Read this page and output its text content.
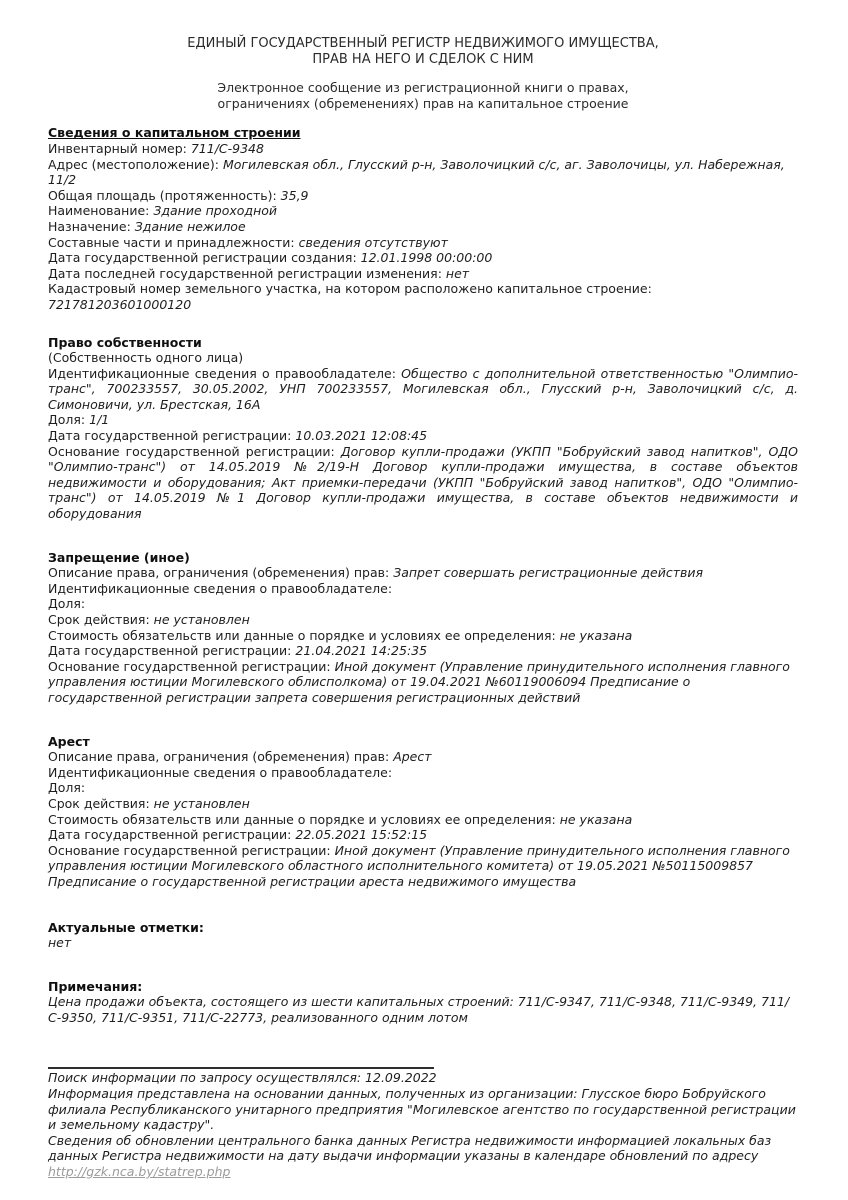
ЕДИНЫЙ ГОСУДАРСТВЕННЫЙ РЕГИСТР НЕДВИЖИМОГО ИМУЩЕСТВА,
ПРАВ НА НЕГО И СДЕЛОК С НИМ
Электронное сообщение из регистрационной книги о правах,
ограничениях (обременениях) прав на капитальное строение
Сведения о капитальном строении
Инвентарный номер: 711/С-9348
Адрес (местоположение): Могилевская обл., Глусский р-н, Заволочицкий с/с, аг. Заволочицы, ул. Набережная, 11/2
Общая площадь (протяженность): 35,9
Наименование: Здание проходной
Назначение: Здание нежилое
Составные части и принадлежности: сведения отсутствуют
Дата государственной регистрации создания: 12.01.1998 00:00:00
Дата последней государственной регистрации изменения: нет
Кадастровый номер земельного участка, на котором расположено капитальное строение: 721781203601000120
Право собственности
(Собственность одного лица)
Идентификационные сведения о правообладателе: Общество с дополнительной ответственностью "Олимпио-транс", 700233557, 30.05.2002, УНП 700233557, Могилевская обл., Глусский р-н, Заволочицкий с/с, д. Симоновичи, ул. Брестская, 16А
Доля: 1/1
Дата государственной регистрации: 10.03.2021 12:08:45
Основание государственной регистрации: Договор купли-продажи (УКПП "Бобруйский завод напитков", ОДО "Олимпио-транс") от 14.05.2019 №2/19-Н Договор купли-продажи имущества, в составе объектов недвижимости и оборудования; Акт приемки-передачи (УКПП "Бобруйский завод напитков", ОДО "Олимпио-транс") от 14.05.2019 №1 Договор купли-продажи имущества, в составе объектов недвижимости и оборудования
Запрещение (иное)
Описание права, ограничения (обременения) прав: Запрет совершать регистрационные действия
Идентификационные сведения о правообладателе:
Доля:
Срок действия: не установлен
Стоимость обязательств или данные о порядке и условиях ее определения: не указана
Дата государственной регистрации: 21.04.2021 14:25:35
Основание государственной регистрации: Иной документ (Управление принудительного исполнения главного управления юстиции Могилевского облисполкома) от 19.04.2021 №60119006094 Предписание о государственной регистрации запрета совершения регистрационных действий
Арест
Описание права, ограничения (обременения) прав: Арест
Идентификационные сведения о правообладателе:
Доля:
Срок действия: не установлен
Стоимость обязательств или данные о порядке и условиях ее определения: не указана
Дата государственной регистрации: 22.05.2021 15:52:15
Основание государственной регистрации: Иной документ (Управление принудительного исполнения главного управления юстиции Могилевского областного исполнительного комитета) от 19.05.2021 №50115009857 Предписание о государственной регистрации ареста недвижимого имущества
Актуальные отметки:
нет
Примечания:
Цена продажи объекта, состоящего из шести капитальных строений: 711/С-9347, 711/С-9348, 711/С-9349, 711/С-9350, 711/С-9351, 711/С-22773, реализованного одним лотом
Поиск информации по запросу осуществлялся: 12.09.2022

Информация представлена на основании данных, полученных из организации: Глусское бюро Бобруйского филиала Республиканского унитарного предприятия "Могилевское агентство по государственной регистрации и земельному кадастру".

Сведения об обновлении центрального банка данных Регистра недвижимости информацией локальных баз данных Регистра недвижимости на дату выдачи информации указаны в календаре обновлений по адресу

http://gzk.nca.by/statrep.php
